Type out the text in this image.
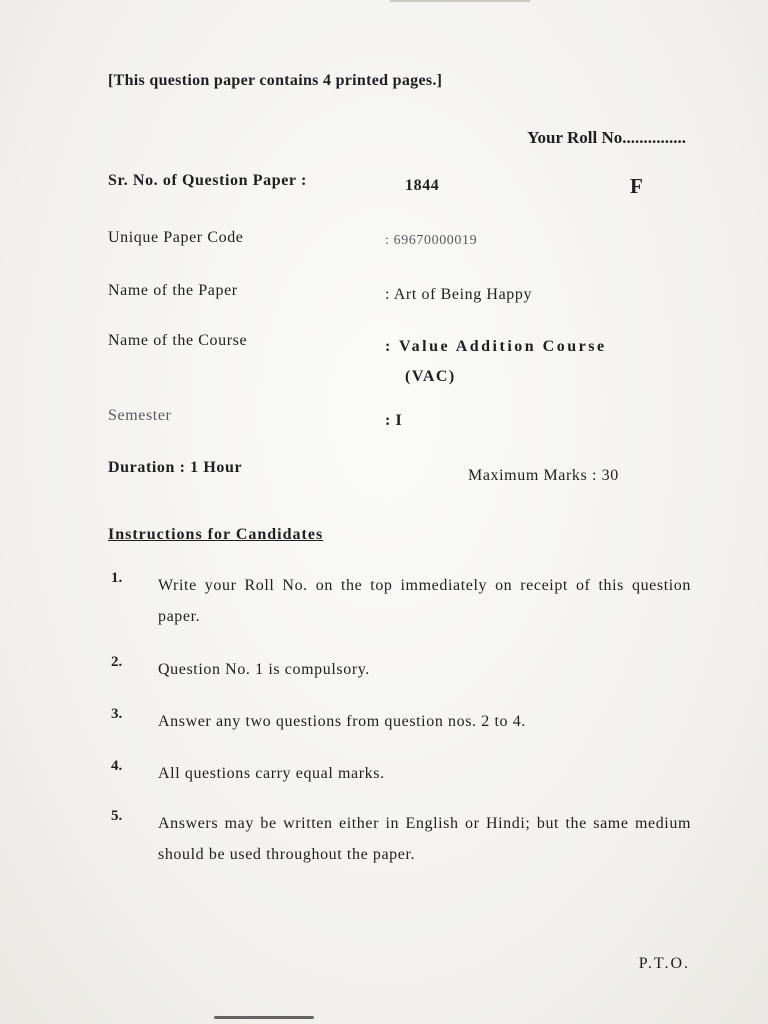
[This question paper contains 4 printed pages.]
Your Roll No...............
Sr. No. of Question Paper :	1844	F
Unique Paper Code	: 69670000019
Name of the Paper	: Art of Being Happy
Name of the Course	: Value Addition Course
(VAC)
Semester	: I
Duration : 1 Hour	Maximum Marks : 30
Instructions for Candidates
1. Write your Roll No. on the top immediately on receipt of this question paper.
2. Question No. 1 is compulsory.
3. Answer any two questions from question nos. 2 to 4.
4. All questions carry equal marks.
5. Answers may be written either in English or Hindi; but the same medium should be used throughout the paper.
P.T.O.
